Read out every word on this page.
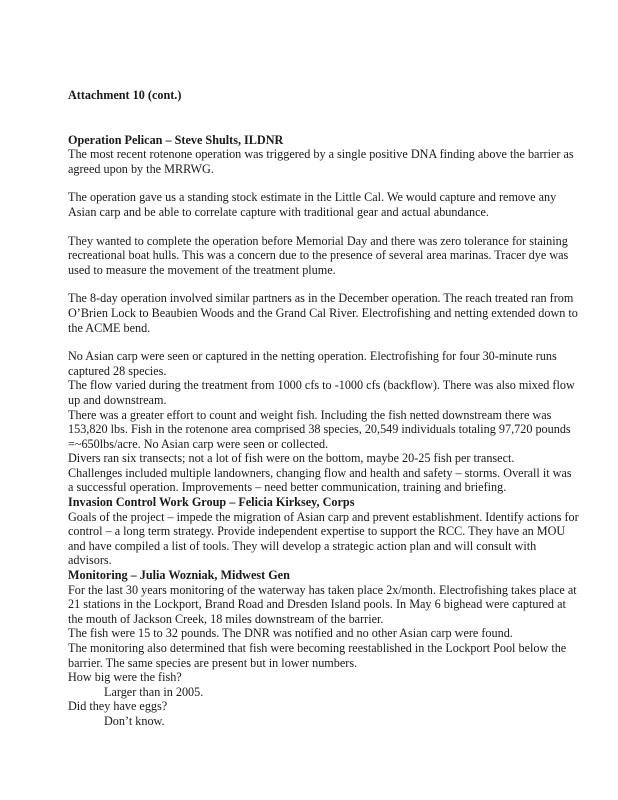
Attachment 10 (cont.)

Operation Pelican – Steve Shults, ILDNR

The most recent rotenone operation was triggered by a single positive DNA finding above the barrier as agreed upon by the MRRWG.

The operation gave us a standing stock estimate in the Little Cal. We would capture and remove any Asian carp and be able to correlate capture with traditional gear and actual abundance.

They wanted to complete the operation before Memorial Day and there was zero tolerance for staining recreational boat hulls. This was a concern due to the presence of several area marinas. Tracer dye was used to measure the movement of the treatment plume.

The 8-day operation involved similar partners as in the December operation. The reach treated ran from O’Brien Lock to Beaubien Woods and the Grand Cal River. Electrofishing and netting extended down to the ACME bend.

No Asian carp were seen or captured in the netting operation. Electrofishing for four 30-minute runs captured 28 species.

The flow varied during the treatment from 1000 cfs to -1000 cfs (backflow). There was also mixed flow up and downstream.

There was a greater effort to count and weight fish. Including the fish netted downstream there was 153,820 lbs. Fish in the rotenone area comprised 38 species, 20,549 individuals totaling 97,720 pounds =~650lbs/acre. No Asian carp were seen or collected.

Divers ran six transects; not a lot of fish were on the bottom, maybe 20-25 fish per transect.

Challenges included multiple landowners, changing flow and health and safety – storms. Overall it was a successful operation. Improvements – need better communication, training and briefing.

Invasion Control Work Group – Felicia Kirksey, Corps

Goals of the project – impede the migration of Asian carp and prevent establishment. Identify actions for control – a long term strategy. Provide independent expertise to support the RCC. They have an MOU and have compiled a list of tools. They will develop a strategic action plan and will consult with advisors.

Monitoring – Julia Wozniak, Midwest Gen

For the last 30 years monitoring of the waterway has taken place 2x/month. Electrofishing takes place at 21 stations in the Lockport, Brand Road and Dresden Island pools. In May 6 bighead were captured at the mouth of Jackson Creek, 18 miles downstream of the barrier.

The fish were 15 to 32 pounds. The DNR was notified and no other Asian carp were found.

The monitoring also determined that fish were becoming reestablished in the Lockport Pool below the barrier. The same species are present but in lower numbers.

How big were the fish?

Larger than in 2005.

Did they have eggs?

Don’t know.
